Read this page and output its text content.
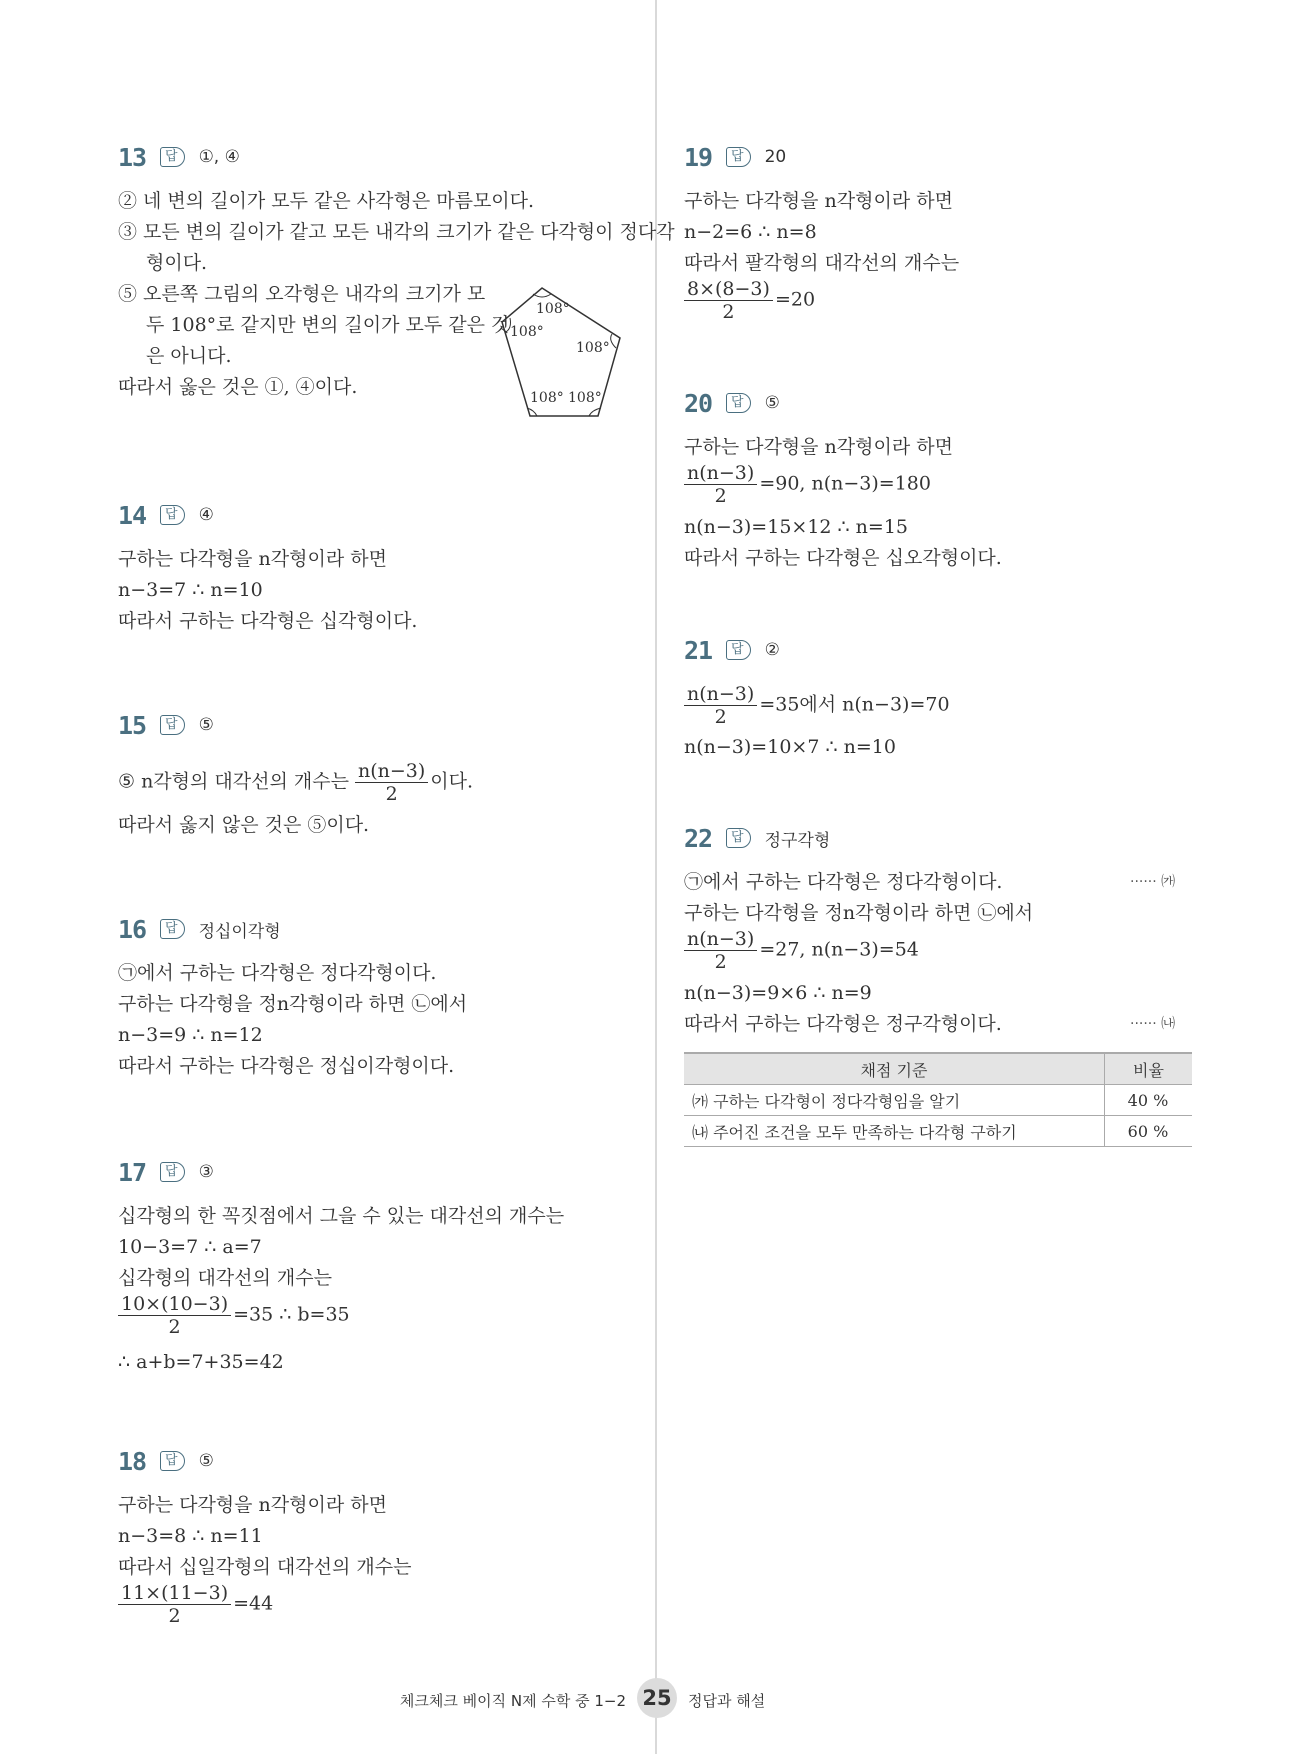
13	답	①, ④
② 네 변의 길이가 모두 같은 사각형은 마름모이다.
③ 모든 변의 길이가 같고 모든 내각의 크기가 같은 다각형이 정다각
형이다.
⑤ 오른쪽 그림의 오각형은 내각의 크기가 모
두 108°로 같지만 변의 길이가 모두 같은 것
은 아니다.
따라서 옳은 것은 ①, ④이다.
108°
108°
108°
108° 108°
14	답	④
구하는 다각형을 n각형이라 하면
n−3=7 ∴ n=10
따라서 구하는 다각형은 십각형이다.
15	답	⑤
⑤ n각형의 대각선의 개수는 $\frac{n(n-3)}{2}$ 이다.
따라서 옳지 않은 것은 ⑤이다.
16	답	정십이각형
㉠에서 구하는 다각형은 정다각형이다.
구하는 다각형을 정n각형이라 하면 ㉡에서
n−3=9 ∴ n=12
따라서 구하는 다각형은 정십이각형이다.
17	답	③
십각형의 한 꼭짓점에서 그을 수 있는 대각선의 개수는
10−3=7 ∴ a=7
십각형의 대각선의 개수는
$\frac{10\times(10-3)}{2} =35$ ∴ b=35
∴ a+b=7+35=42
18	답	⑤
구하는 다각형을 n각형이라 하면
n−3=8 ∴ n=11
따라서 십일각형의 대각선의 개수는
$\frac{11\times(11-3)}{2} =44$
19	답	20
구하는 다각형을 n각형이라 하면
n−2=6 ∴ n=8
따라서 팔각형의 대각선의 개수는
$\frac{8\times(8-3)}{2} =20$
20	답	⑤
구하는 다각형을 n각형이라 하면
$\frac{n(n-3)}{2} =90$, n(n−3)=180
n(n−3)=15×12 ∴ n=15
따라서 구하는 다각형은 십오각형이다.
21	답	②
$\frac{n(n-3)}{2} =35$에서 n(n−3)=70
n(n−3)=10×7 ∴ n=10
22	답	정구각형
㉠에서 구하는 다각형은 정다각형이다.	······ ㈎
구하는 다각형을 정n각형이라 하면 ㉡에서
$\frac{n(n-3)}{2} =27$, n(n−3)=54
n(n−3)=9×6 ∴ n=9
따라서 구하는 다각형은 정구각형이다.	······ ㈏
채점 기준	비율
㈎ 구하는 다각형이 정다각형임을 알기	40 %
㈏ 주어진 조건을 모두 만족하는 다각형 구하기	60 %
체크체크 베이직 N제 수학 중 1−2 25	정답과 해설
